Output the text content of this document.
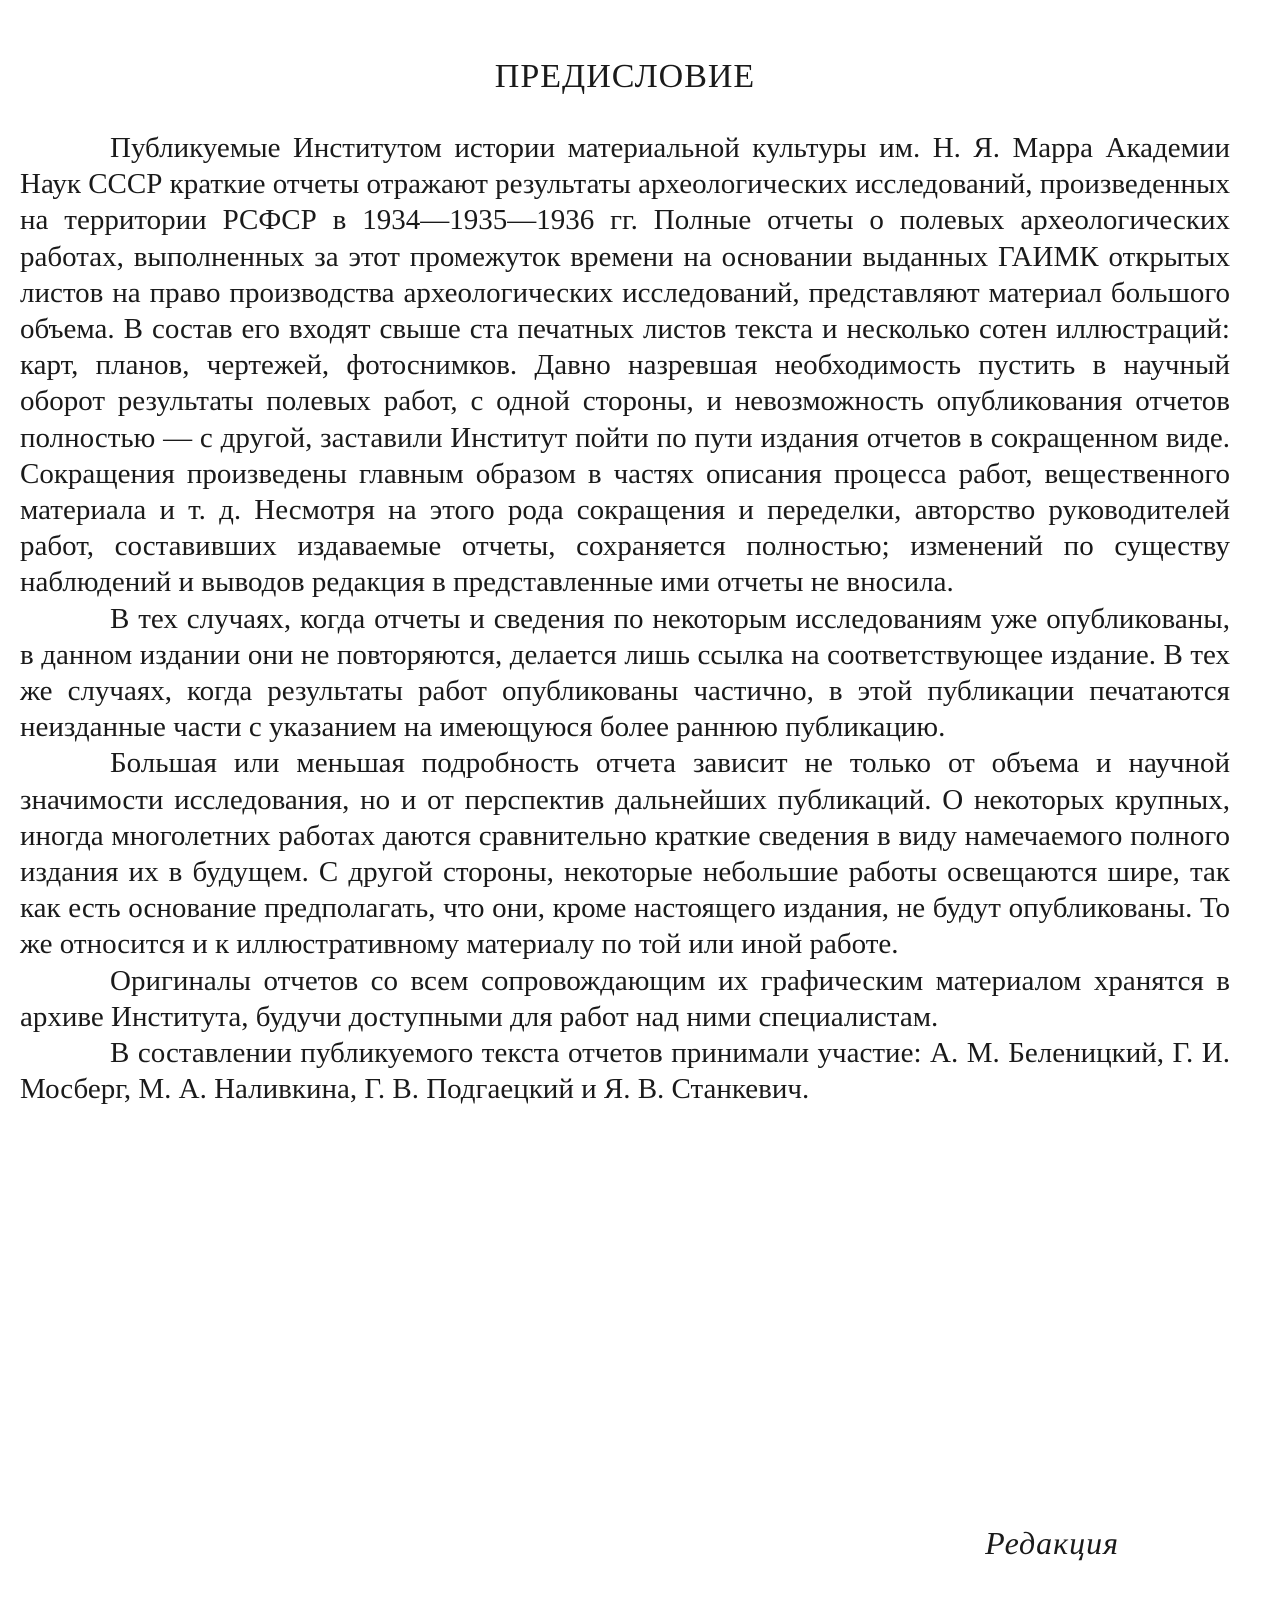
ПРЕДИСЛОВИЕ

Публикуемые Институтом истории материальной культуры им. Н. Я. Марра Академии Наук СССР краткие отчеты отражают результаты археологических исследований, произведенных на территории РСФСР в 1934—1935—1936 гг. Полные отчеты о полевых археологических работах, выполненных за этот промежуток времени на основании выданных ГАИМК открытых листов на право производства археологических исследований, представляют материал большого объема. В состав его входят свыше ста печатных листов текста и несколько сотен иллюстраций: карт, планов, чертежей, фотоснимков. Давно назревшая необходимость пустить в научный оборот результаты полевых работ, с одной стороны, и невозможность опубликования отчетов полностью — с другой, заставили Институт пойти по пути издания отчетов в сокращенном виде. Сокращения произведены главным образом в частях описания процесса работ, вещественного материала и т. д. Несмотря на этого рода сокращения и переделки, авторство руководителей работ, составивших издаваемые отчеты, сохраняется полностью; изменений по существу наблюдений и выводов редакция в представленные ими отчеты не вносила.

В тех случаях, когда отчеты и сведения по некоторым исследованиям уже опубликованы, в данном издании они не повторяются, делается лишь ссылка на соответствующее издание. В тех же случаях, когда результаты работ опубликованы частично, в этой публикации печатаются неизданные части с указанием на имеющуюся более раннюю публикацию.

Большая или меньшая подробность отчета зависит не только от объема и научной значимости исследования, но и от перспектив дальнейших публикаций. О некоторых крупных, иногда многолетних работах даются сравнительно краткие сведения в виду намечаемого полного издания их в будущем. С другой стороны, некоторые небольшие работы освещаются шире, так как есть основание предполагать, что они, кроме настоящего издания, не будут опубликованы. То же относится и к иллюстративному материалу по той или иной работе.

Оригиналы отчетов со всем сопровождающим их графическим материалом хранятся в архиве Института, будучи доступными для работ над ними специалистам.

В составлении публикуемого текста отчетов принимали участие: А. М. Беленицкий, Г. И. Мосберг, М. А. Наливкина, Г. В. Подгаецкий и Я. В. Станкевич.

Редакция
